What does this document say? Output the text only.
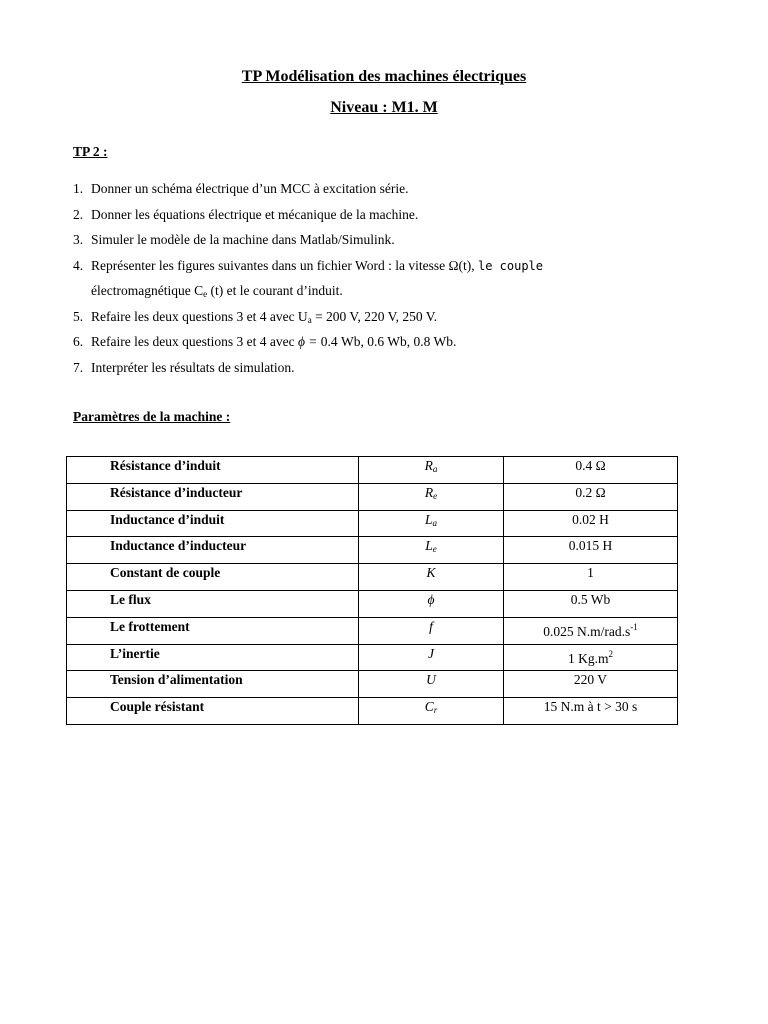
TP Modélisation des machines électriques
Niveau : M1. M
TP 2 :
1. Donner un schéma électrique d’un MCC à excitation série.
2. Donner les équations électrique et mécanique de la machine.
3. Simuler le modèle de la machine dans Matlab/Simulink.
4. Représenter les figures suivantes dans un fichier Word : la vitesse Ω(t), le couple
électromagnétique $C_e$ (t) et le courant d’induit.
5. Refaire les deux questions 3 et 4 avec $U_a = 200$ V, 220 V, 250 V.
6. Refaire les deux questions 3 et 4 avec ϕ = 0.4 Wb, 0.6 Wb, 0.8 Wb.
7. Interpréter les résultats de simulation.
Paramètres de la machine :
Résistance d’induit	$R_a$	0.4 Ω
Résistance d’inducteur	$R_e$	0.2 Ω
Inductance d’induit	$L_a$	0.02 H
Inductance d’inducteur	$L_e$	0.015 H
Constant de couple	K	1
Le flux	ϕ	0.5 Wb
Le frottement	f	0.025 $N.m/rad.s^{-1}$
L’inertie	J	1 $Kg.m^2$
Tension d’alimentation	U	220 V
Couple résistant	$C_r$	15 N.m à t > 30 s
